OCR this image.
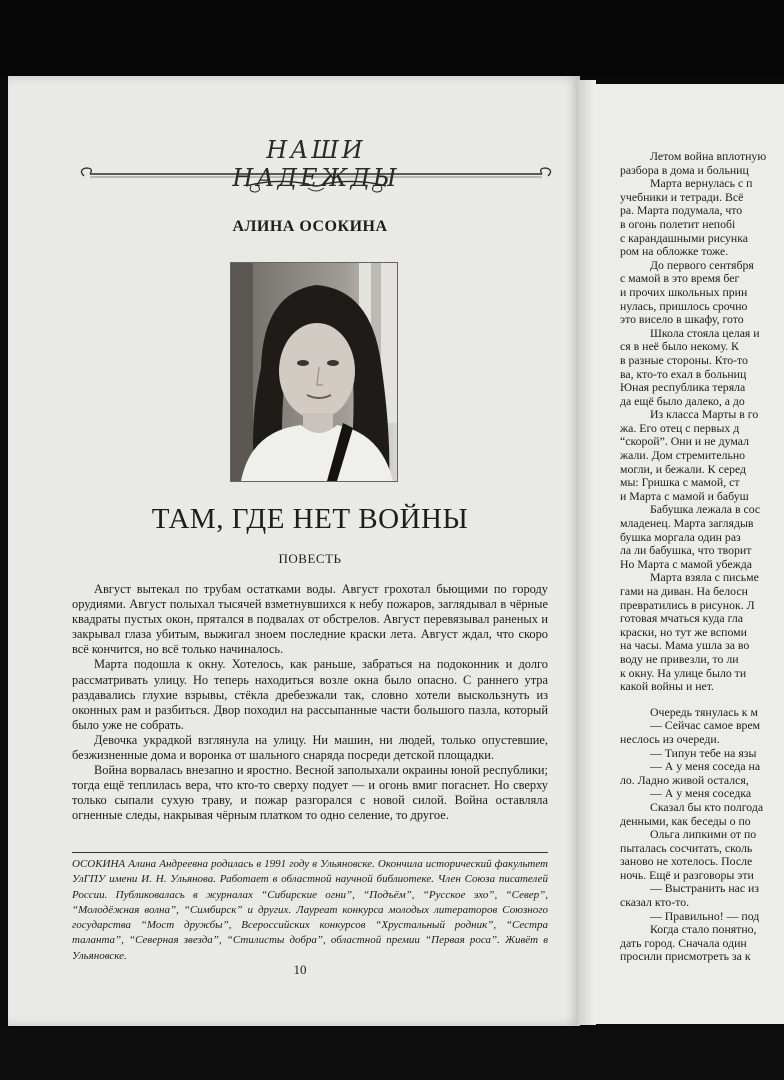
НАШИ НАДЕЖДЫ
АЛИНА ОСОКИНА
ТАМ, ГДЕ НЕТ ВОЙНЫ
ПОВЕСТЬ

Август вытекал по трубам остатками воды. Август грохотал бьющими по городу орудиями. Август полыхал тысячей взметнувшихся к небу пожаров, заглядывал в чёрные квадраты пустых окон, прятался в подвалах от обстрелов. Август перевязывал раненых и закрывал глаза убитым, выжигал зноем последние краски лета. Август ждал, что скоро всё кончится, но всё только начиналось.

Марта подошла к окну. Хотелось, как раньше, забраться на подоконник и долго рассматривать улицу. Но теперь находиться возле окна было опасно. С раннего утра раздавались глухие взрывы, стёкла дребезжали так, словно хотели выскользнуть из оконных рам и разбиться. Двор походил на рассыпанные части большого пазла, который было уже не собрать.

Девочка украдкой взглянула на улицу. Ни машин, ни людей, только опустевшие, безжизненные дома и воронка от шального снаряда посреди детской площадки.

Война ворвалась внезапно и яростно. Весной заполыхали окраины юной республики; тогда ещё теплилась вера, что кто-то сверху подует — и огонь вмиг погаснет. Но сверху только сыпали сухую траву, и пожар разгорался с новой силой. Война оставляла огненные следы, накрывая чёрным платком то одно селение, то другое.

ОСОКИНА Алина Андреевна родилась в 1991 году в Ульяновске. Окончила исторический факультет УлГПУ имени И. Н. Ульянова. Работает в областной научной библиотеке. Член Союза писателей России. Публиковалась в журналах “Сибирские огни”, “Подъём”, “Русское эхо”, “Север”, “Молодёжная волна”, “Симбирск” и других. Лауреат конкурса молодых литераторов Союзного государства “Мост дружбы”, Всероссийских конкурсов “Хрустальный родник”, “Сестра таланта”, “Северная звезда”, “Стилисты добра”, областной премии “Первая роса”. Живёт в Ульяновске.
10
Летом война вплотную
разбора в дома и больниц
Марта вернулась с п
учебники и тетради. Всё
ра. Марта подумала, что
в огонь полетит непобі
с карандашными рисунка
ром на обложке тоже.
До первого сентября
с мамой в это время бег
и прочих школьных прин
нулась, пришлось срочно
это висело в шкафу, гото
Школа стояла целая и
ся в неё было некому. К
в разные стороны. Кто-то
ва, кто-то ехал в больниц
Юная республика теряла
да ещё было далеко, а до
Из класса Марты в го
жа. Его отец с первых д
“скорой”. Они и не думал
жали. Дом стремительно
могли, и бежали. К серед
мы: Гришка с мамой, ст
и Марта с мамой и бабуш
Бабушка лежала в сос
младенец. Марта заглядыв
бушка моргала один раз
ла ли бабушка, что творит
Но Марта с мамой убежда
Марта взяла с письме
гами на диван. На белосн
превратились в рисунок. Л
готовая мчаться куда гла
краски, но тут же вспоми
на часы. Мама ушла за во
воду не привезли, то ли
к окну. На улице было ти
какой войны и нет.
Очередь тянулась к м
— Сейчас самое врем
неслось из очереди.
— Типун тебе на язы
— А у меня соседа на
ло. Ладно живой остался,
— А у меня соседка
Сказал бы кто полгода
денными, как беседы о по
Ольга липкими от по
пыталась сосчитать, сколь
заново не хотелось. После
ночь. Ещё и разговоры эти
— Выстранить нас из
сказал кто-то.
— Правильно! — под
Когда стало понятно,
дать город. Сначала один
просили присмотреть за к
